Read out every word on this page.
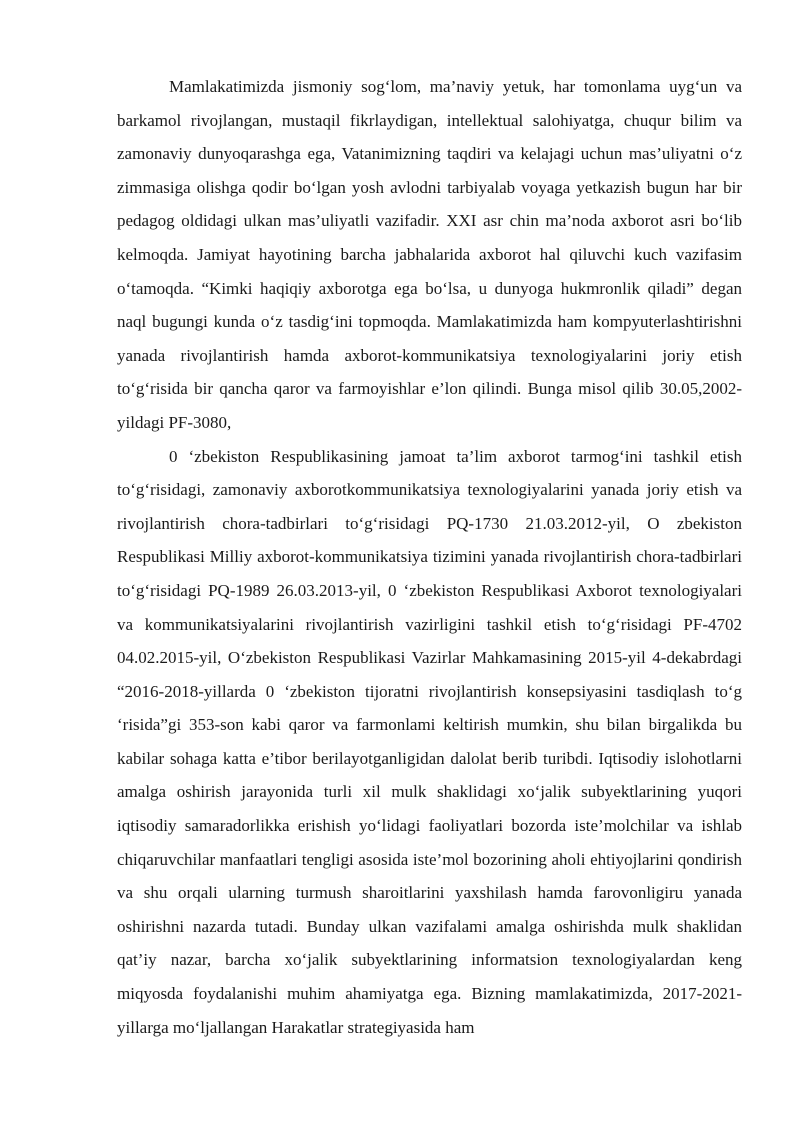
Mamlakatimizda jismoniy sog‘lom, ma’naviy yetuk, har tomonlama uyg‘un va barkamol rivojlangan, mustaqil fikrlaydigan, intellektual salohiyatga, chuqur bilim va zamonaviy dunyoqarashga ega, Vatanimizning taqdiri va kelajagi uchun mas’uliyatni o‘z zimmasiga olishga qodir bo‘lgan yosh avlodni tarbiyalab voyaga yetkazish bugun har bir pedagog oldidagi ulkan mas’uliyatli vazifadir. XXI asr chin ma’noda axborot asri bo‘lib kelmoqda. Jamiyat hayotining barcha jabhalarida axborot hal qiluvchi kuch vazifasim o‘tamoqda. “Kimki haqiqiy axborotga ega bo‘lsa, u dunyoga hukmronlik qiladi” degan naql bugungi kunda o‘z tasdig‘ini topmoqda. Mamlakatimizda ham kompyuterlashtirishni yanada rivojlantirish hamda axborot-kommunikatsiya texnologiyalarini joriy etish to‘g‘risida bir qancha qaror va farmoyishlar e’lon qilindi. Bunga misol qilib 30.05,2002-yildagi PF-3080,

0 ‘zbekiston Respublikasining jamoat ta’lim axborot tarmog‘ini tashkil etish to‘g‘risidagi, zamonaviy axborotkommunikatsiya texnologiyalarini yanada joriy etish va rivojlantirish chora-tadbirlari to‘g‘risidagi PQ-1730 21.03.2012-yil, O zbekiston Respublikasi Milliy axborot-kommunikatsiya tizimini yanada rivojlantirish chora-tadbirlari to‘g‘risidagi PQ-1989 26.03.2013-yil, 0 ‘zbekiston Respublikasi Axborot texnologiyalari va kommunikatsiyalarini rivojlantirish vazirligini tashkil etish to‘g‘risidagi PF-4702 04.02.2015-yil, O‘zbekiston Respublikasi Vazirlar Mahkamasining 2015-yil 4-dekabrdagi “2016-2018-yillarda 0 ‘zbekiston tijoratni rivojlantirish konsepsiyasini tasdiqlash to‘g ‘risida”gi 353-son kabi qaror va farmonlami keltirish mumkin, shu bilan birgalikda bu kabilar sohaga katta e’tibor berilayotganligidan dalolat berib turibdi. Iqtisodiy islohotlarni amalga oshirish jarayonida turli xil mulk shaklidagi xo‘jalik subyektlarining yuqori iqtisodiy samaradorlikka erishish yo‘lidagi faoliyatlari bozorda iste’molchilar va ishlab chiqaruvchilar manfaatlari tengligi asosida iste’mol bozorining aholi ehtiyojlarini qondirish va shu orqali ularning turmush sharoitlarini yaxshilash hamda farovonligiru yanada oshirishni nazarda tutadi. Bunday ulkan vazifalami amalga oshirishda mulk shaklidan qat’iy nazar, barcha xo‘jalik subyektlarining informatsion texnologiyalardan keng miqyosda foydalanishi muhim ahamiyatga ega. Bizning mamlakatimizda, 2017-2021-yillarga mo‘ljallangan Harakatlar strategiyasida ham
